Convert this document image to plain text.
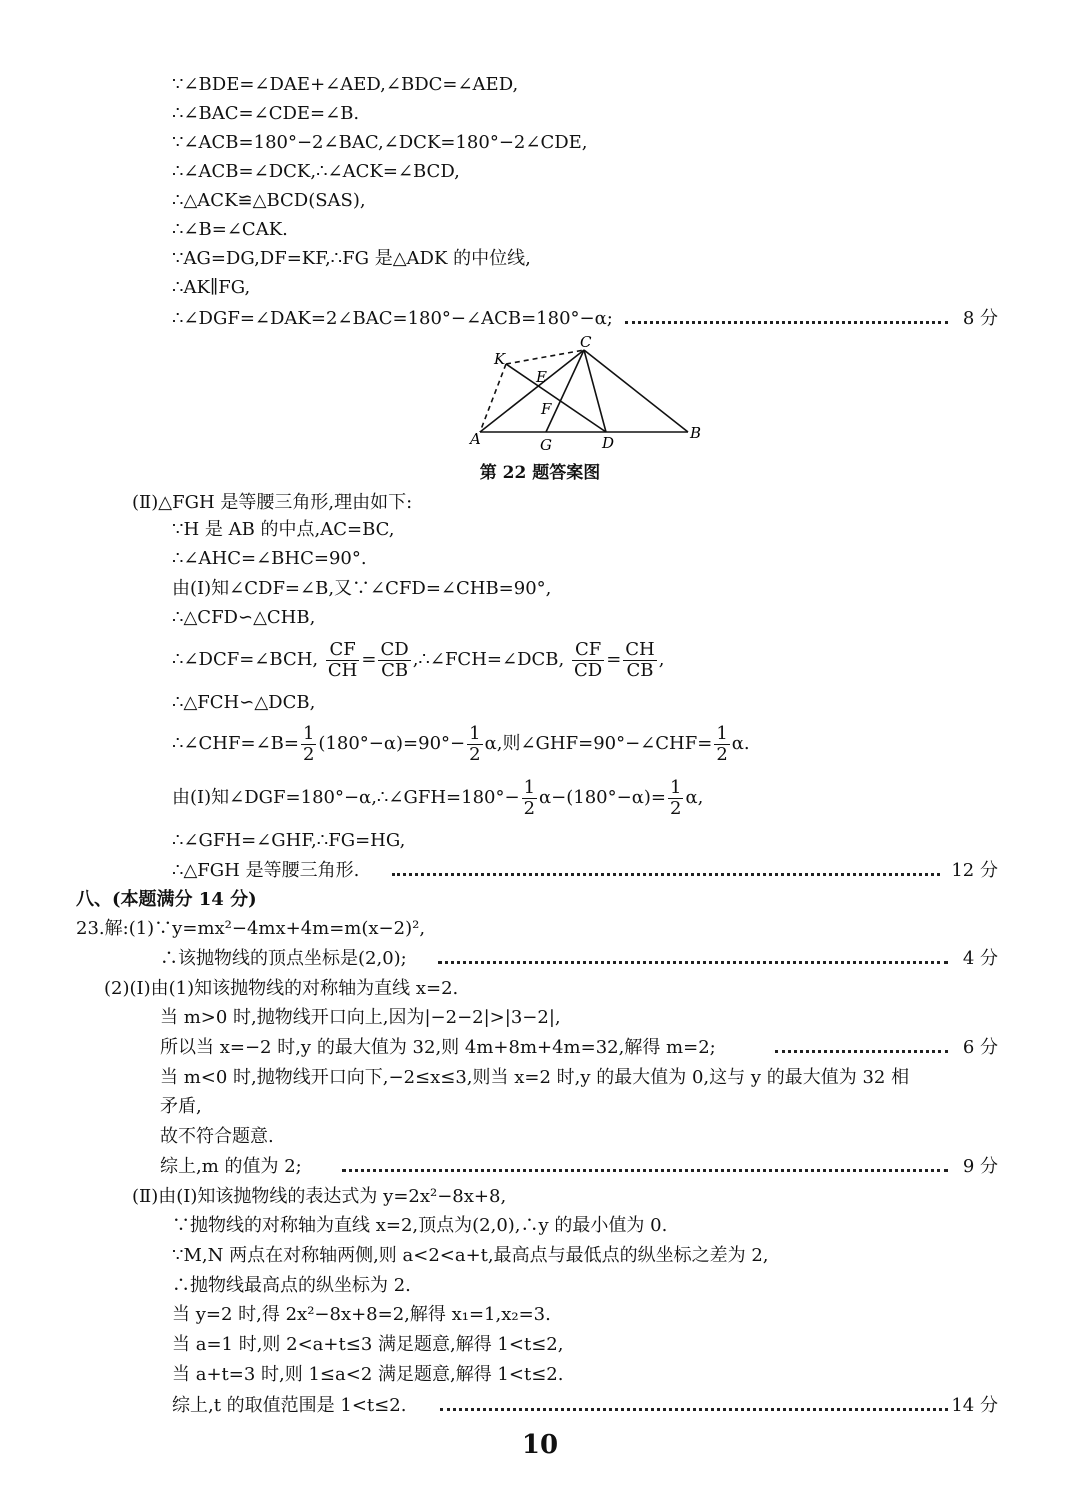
∵∠BDE=∠DAE+∠AED,∠BDC=∠AED,
∴∠BAC=∠CDE=∠B.
∵∠ACB=180°−2∠BAC,∠DCK=180°−2∠CDE,
∴∠ACB=∠DCK,∴∠ACK=∠BCD,
∴△ACK≌△BCD(SAS),
∴∠B=∠CAK.
∵AG=DG,DF=KF,∴FG 是△ADK 的中位线,
∴AK∥FG,
∴∠DGF=∠DAK=2∠BAC=180°−∠ACB=180°−α;	8 分
K
C
E
F
A	G	D
B
第 22 题答案图
(Ⅱ)△FGH 是等腰三角形,理由如下:
∵H 是 AB 的中点,AC=BC,
∴∠AHC=∠BHC=90°.
由(Ⅰ)知∠CDF=∠B,又∵∠CFD=∠CHB=90°,
∴△CFD∽△CHB,
∴∠DCF=∠BCH, $\frac{CF}{CH} = \frac{CD}{CB}$ ,∴∠FCH=∠DCB, $\frac{CF}{CD} = \frac{CH}{CB}$ ,
∴△FCH∽△DCB,
∴∠CHF=∠B= $\frac{1}{2} (180^\circ-\alpha)=90^\circ- \frac{1}{2} \alpha$,则∠GHF=90°−∠CHF= $\frac{1}{2} \alpha$.
由(Ⅰ)知∠DGF=180°−α,∴∠GFH=180°− $\frac{1}{2} \alpha-(180^\circ-\alpha)= \frac{1}{2} \alpha$,
∴∠GFH=∠GHF,∴FG=HG,
∴△FGH 是等腰三角形.	12 分
八、(本题满分 14 分)
23.解:(1)∵y=mx²−4mx+4m=m(x−2)²,
∴该抛物线的顶点坐标是(2,0);	4 分
(2)(Ⅰ)由(1)知该抛物线的对称轴为直线 x=2.
当 m>0 时,抛物线开口向上,因为|−2−2|>|3−2|,
所以当 x=−2 时,y 的最大值为 32,则 4m+8m+4m=32,解得 m=2;	6 分
当 m<0 时,抛物线开口向下,−2≤x≤3,则当 x=2 时,y 的最大值为 0,这与 y 的最大值为 32 相
矛盾,
故不符合题意.
综上,m 的值为 2;	9 分
(Ⅱ)由(Ⅰ)知该抛物线的表达式为 y=2x²−8x+8,
∵抛物线的对称轴为直线 x=2,顶点为(2,0),∴y 的最小值为 0.
∵M,N 两点在对称轴两侧,则 a<2<a+t,最高点与最低点的纵坐标之差为 2,
∴抛物线最高点的纵坐标为 2.
当 y=2 时,得 2x²−8x+8=2,解得 x₁=1,x₂=3.
当 a=1 时,则 2<a+t≤3 满足题意,解得 1<t≤2,
当 a+t=3 时,则 1≤a<2 满足题意,解得 1<t≤2.
综上,t 的取值范围是 1<t≤2.	14 分
10
